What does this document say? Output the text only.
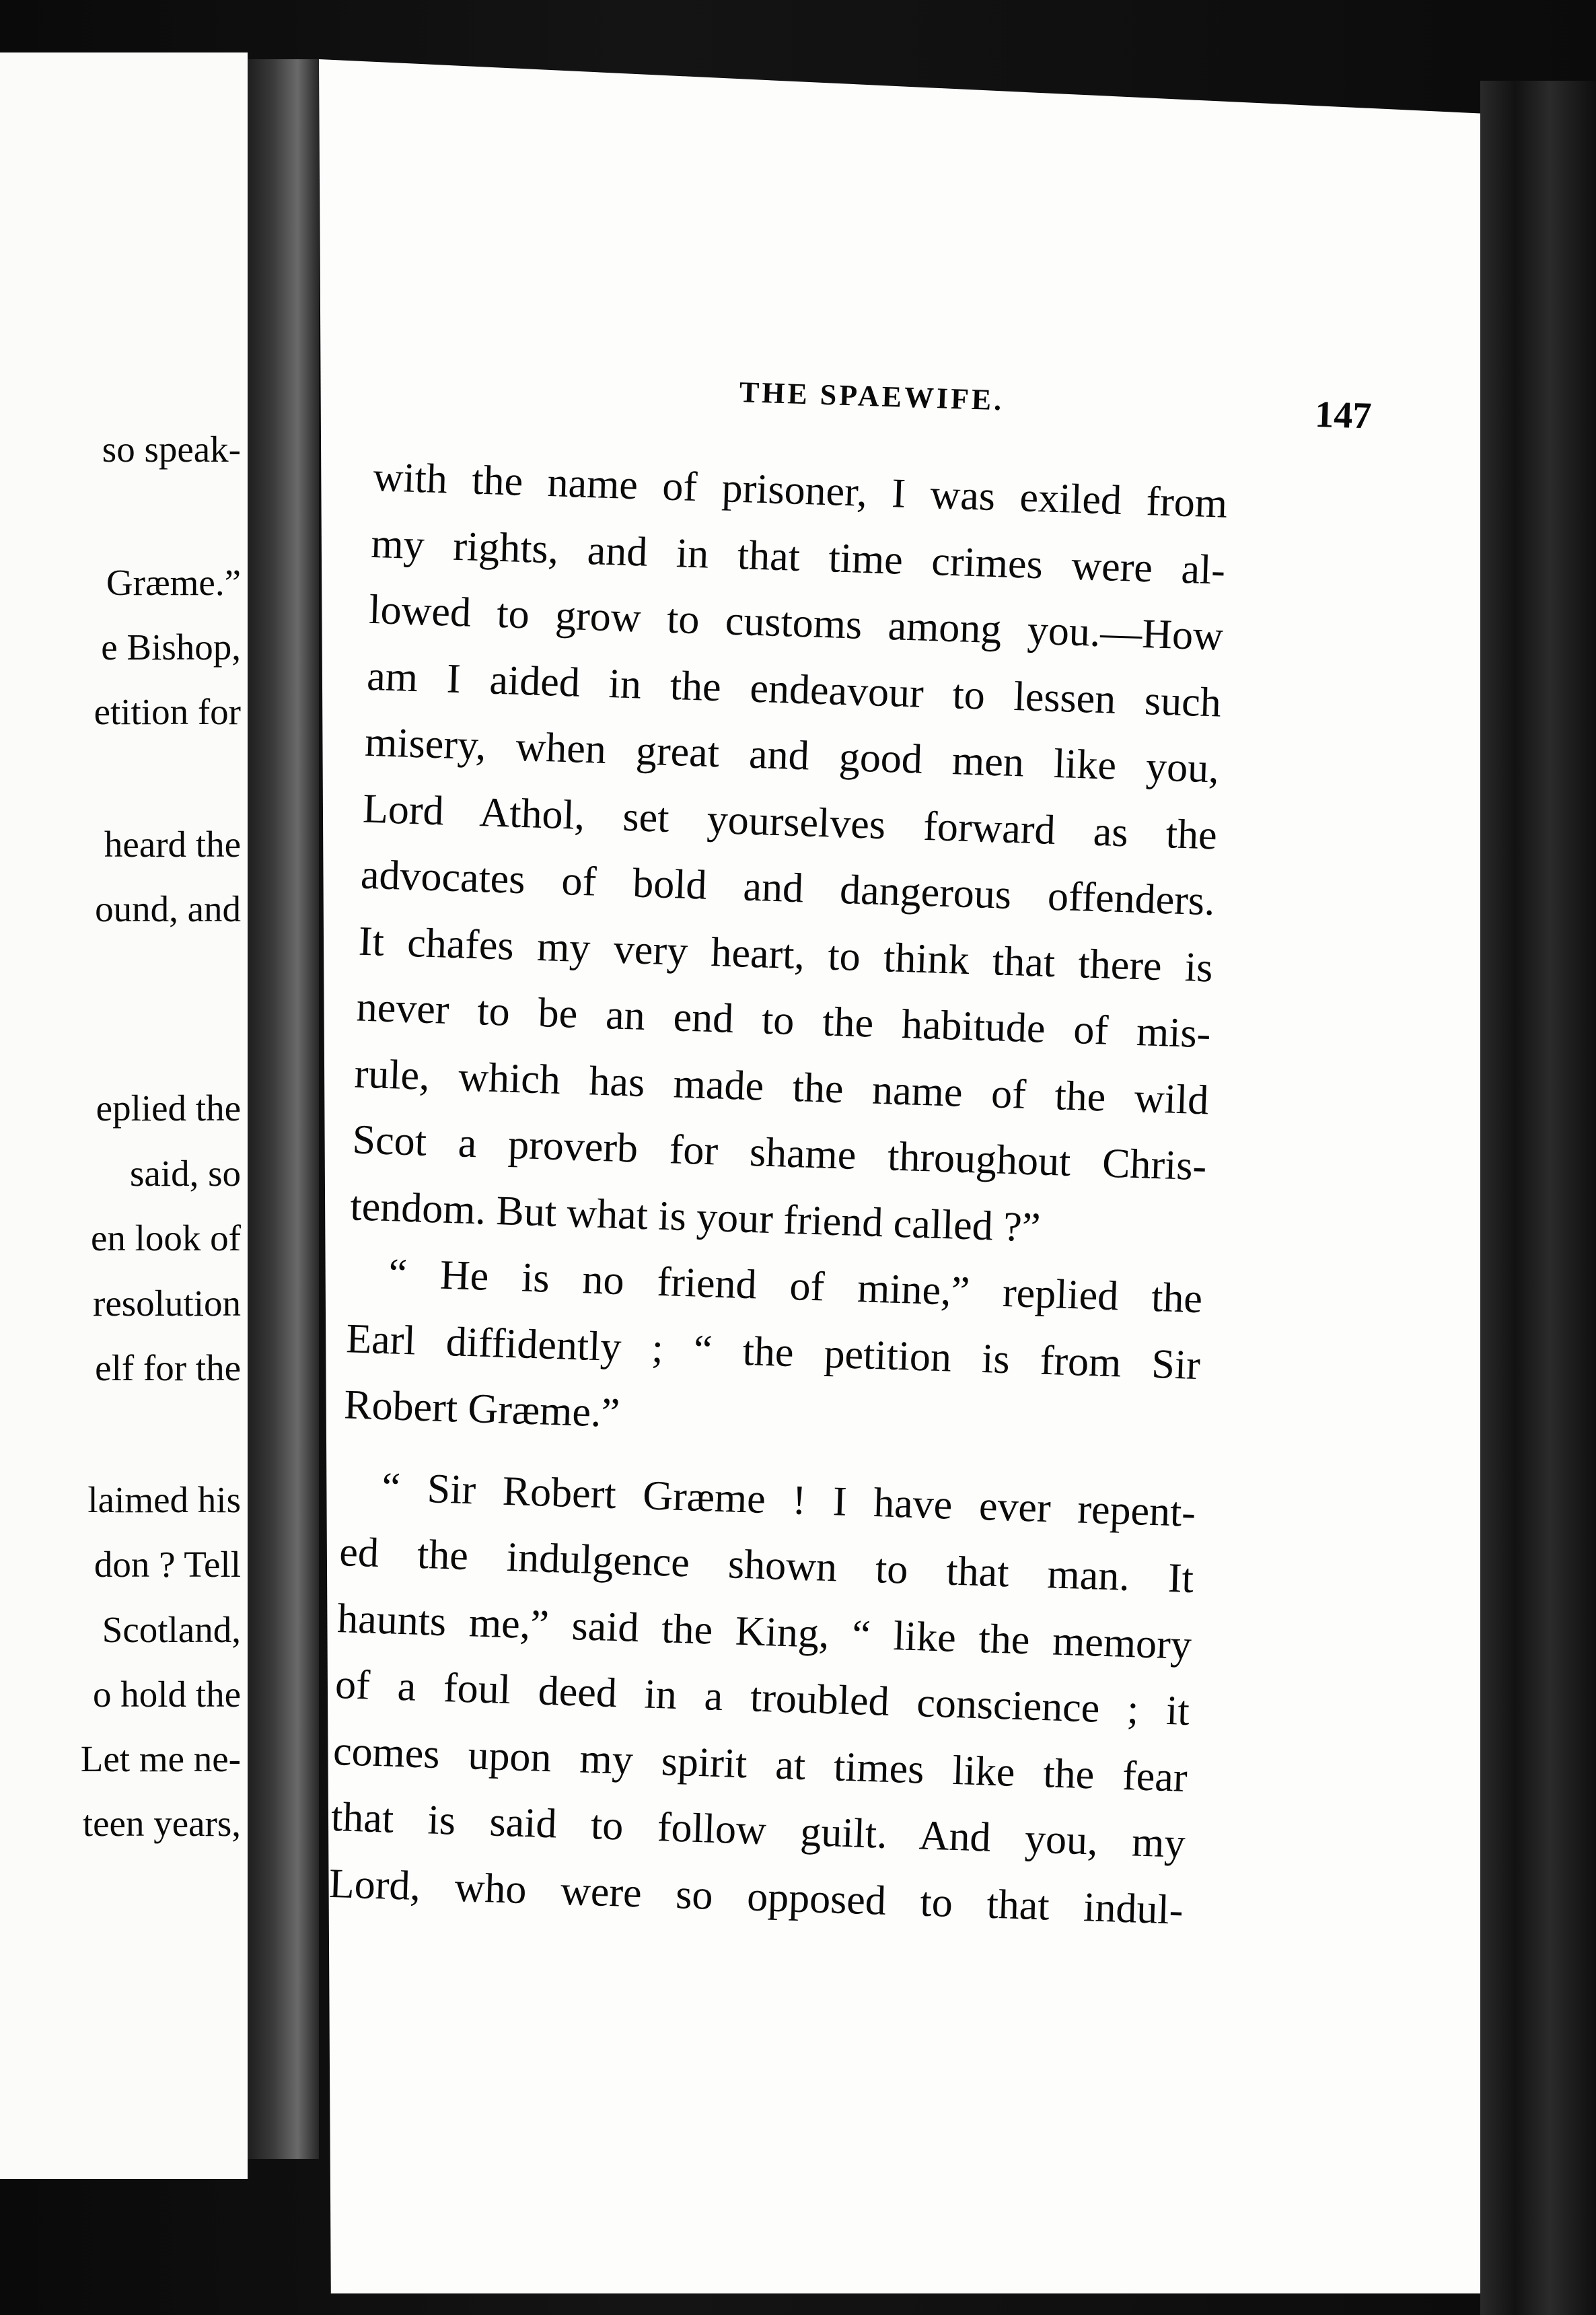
so speak-
Græme.”
e Bishop,
etition for
heard the
ound, and
eplied the
said, so
en look of
resolution
elf for the
laimed his
don ? Tell
Scotland,
o hold the
Let me ne-
teen years,
THE SPAEWIFE.	147
with the name of prisoner, I was exiled from
my rights, and in that time crimes were al-
lowed to grow to customs among you.—How
am I aided in the endeavour to lessen such
misery, when great and good men like you,
Lord Athol, set yourselves forward as the
advocates of bold and dangerous offenders.
It chafes my very heart, to think that there is
never to be an end to the habitude of mis-
rule, which has made the name of the wild
Scot a proverb for shame throughout Chris-
tendom. But what is your friend called ?”
“ He is no friend of mine,” replied the
Earl diffidently ; “ the petition is from Sir
Robert Græme.”
“ Sir Robert Græme ! I have ever repent-
ed the indulgence shown to that man. It
haunts me,” said the King, “ like the memory
of a foul deed in a troubled conscience ; it
comes upon my spirit at times like the fear
that is said to follow guilt. And you, my
Lord, who were so opposed to that indul-
